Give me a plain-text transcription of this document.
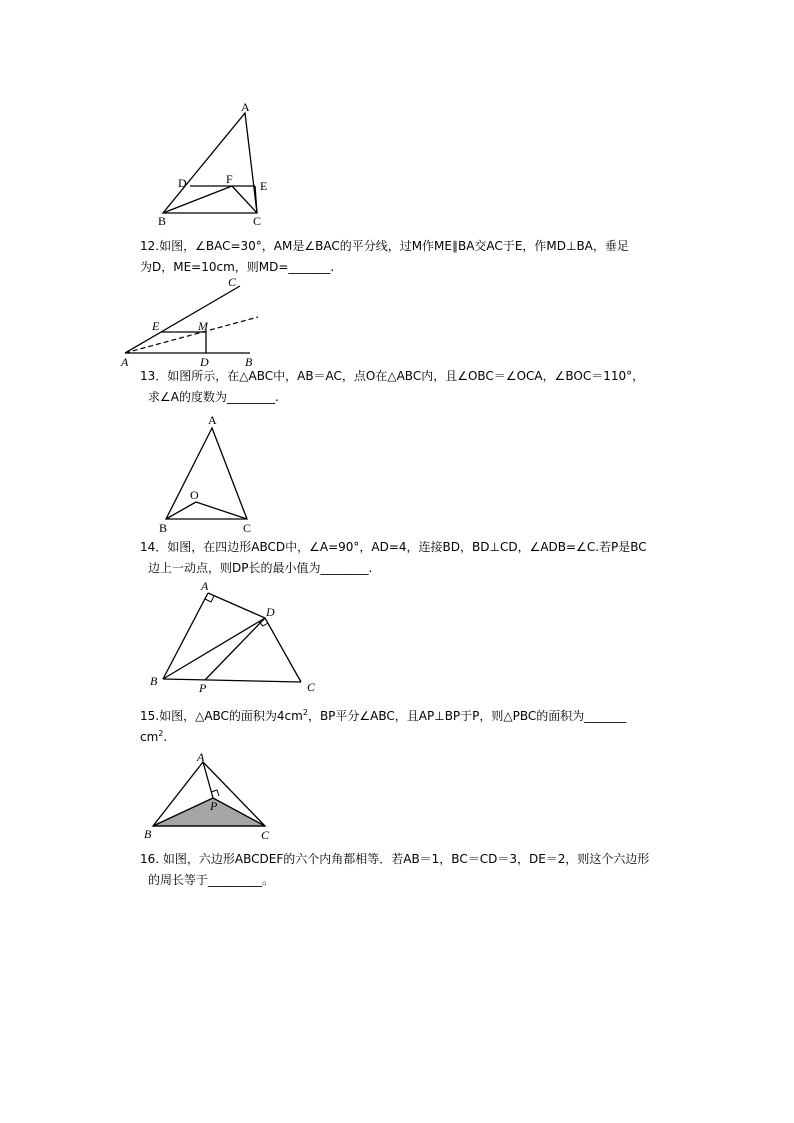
A
D	F E
B	C
12.如图，∠BAC=30°，AM是∠BAC的平分线，过M作ME∥BA交AC于E，作MD⊥BA，垂足
为D，ME=10cm，则MD=_______.
C
E	M
A	D	B
13．如图所示，在△ABC中，AB＝AC，点O在△ABC内，且∠OBC＝∠OCA，∠BOC＝110°，
求∠A的度数为________.
A
O
B	C
14．如图，在四边形ABCD中，∠A=90°，AD=4，连接BD，BD⊥CD，∠ADB=∠C.若P是BC
边上一动点，则DP长的最小值为________.
A
D
B	P	C
15.如图，△ABC的面积为$4cm^2$，BP平分∠ABC，且AP⊥BP于P，则△PBC的面积为_______
$cm^2$.
A
P
B	C
16. 如图，六边形ABCDEF的六个内角都相等．若AB＝1，BC＝CD＝3，DE＝2，则这个六边形
的周长等于_________。
